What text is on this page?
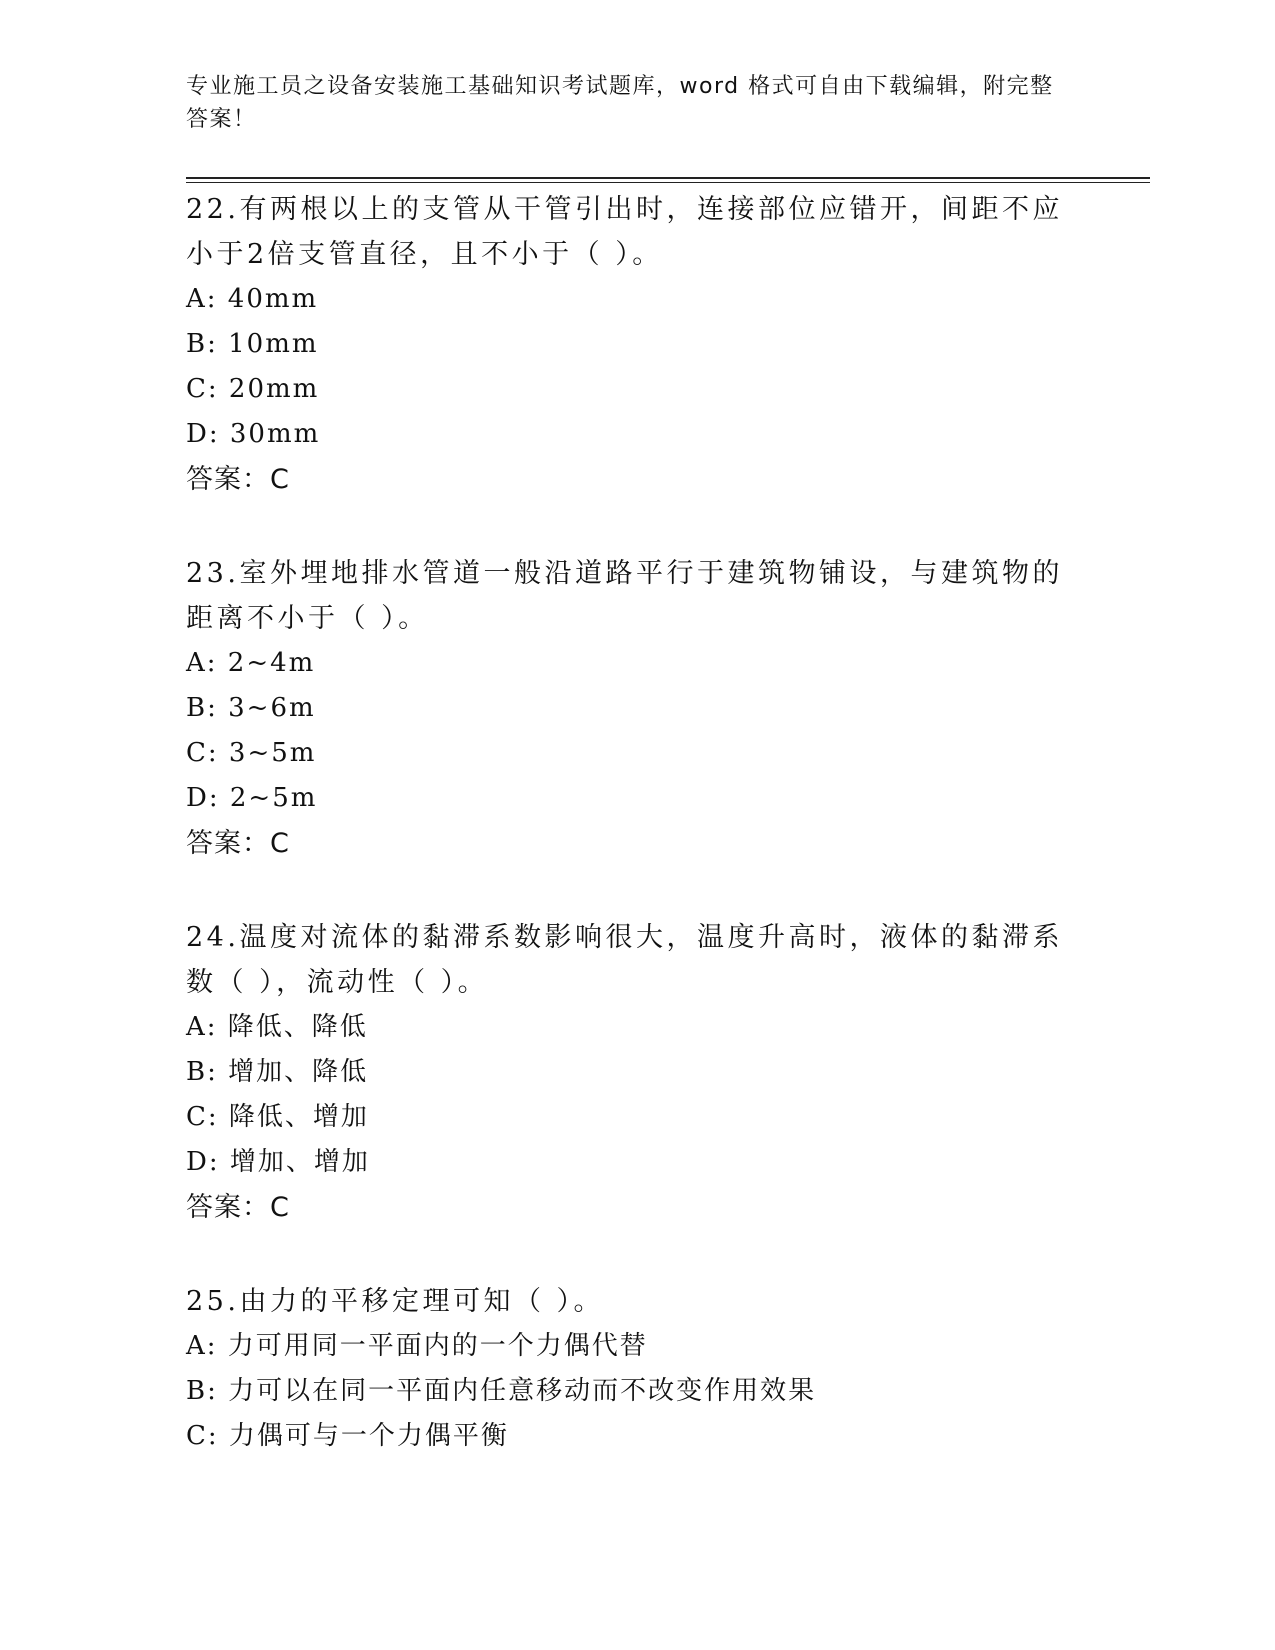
专业施工员之设备安装施工基础知识考试题库，word 格式可自由下载编辑，附完整答案！

22.有两根以上的支管从干管引出时，连接部位应错开，间距不应小于2倍支管直径，且不小于（ ）。

A: 40mm

B: 10mm

C: 20mm

D: 30mm

答案：C

23.室外埋地排水管道一般沿道路平行于建筑物铺设，与建筑物的距离不小于（ ）。

A: 2~4m

B: 3~6m

C: 3~5m

D: 2~5m

答案：C

24.温度对流体的黏滞系数影响很大，温度升高时，液体的黏滞系数（ ），流动性（ ）。

A: 降低、降低

B: 增加、降低

C: 降低、增加

D: 增加、增加

答案：C

25.由力的平移定理可知（ ）。

A: 力可用同一平面内的一个力偶代替

B: 力可以在同一平面内任意移动而不改变作用效果

C: 力偶可与一个力偶平衡
